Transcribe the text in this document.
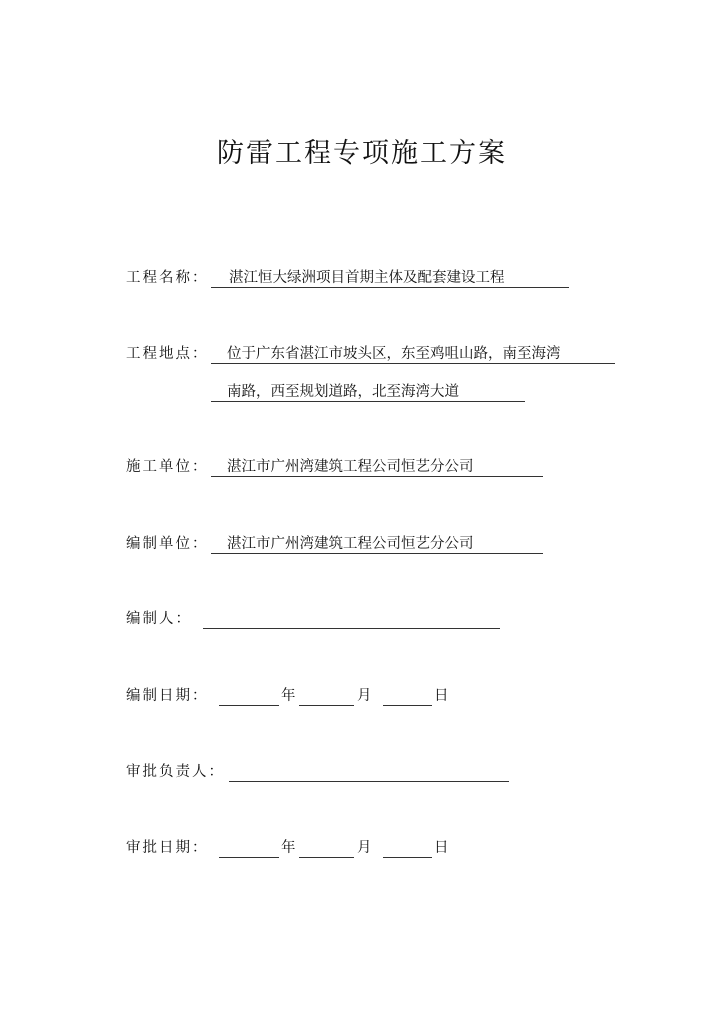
防雷工程专项施工方案
工程名称： 湛江恒大绿洲项目首期主体及配套建设工程
工程地点： 位于广东省湛江市坡头区，东至鸡咀山路，南至海湾
南路，西至规划道路，北至海湾大道
施工单位： 湛江市广州湾建筑工程公司恒艺分公司
编制单位： 湛江市广州湾建筑工程公司恒艺分公司
编制人：
编制日期：	年	月	日
审批负责人：
审批日期：	年	月	日
